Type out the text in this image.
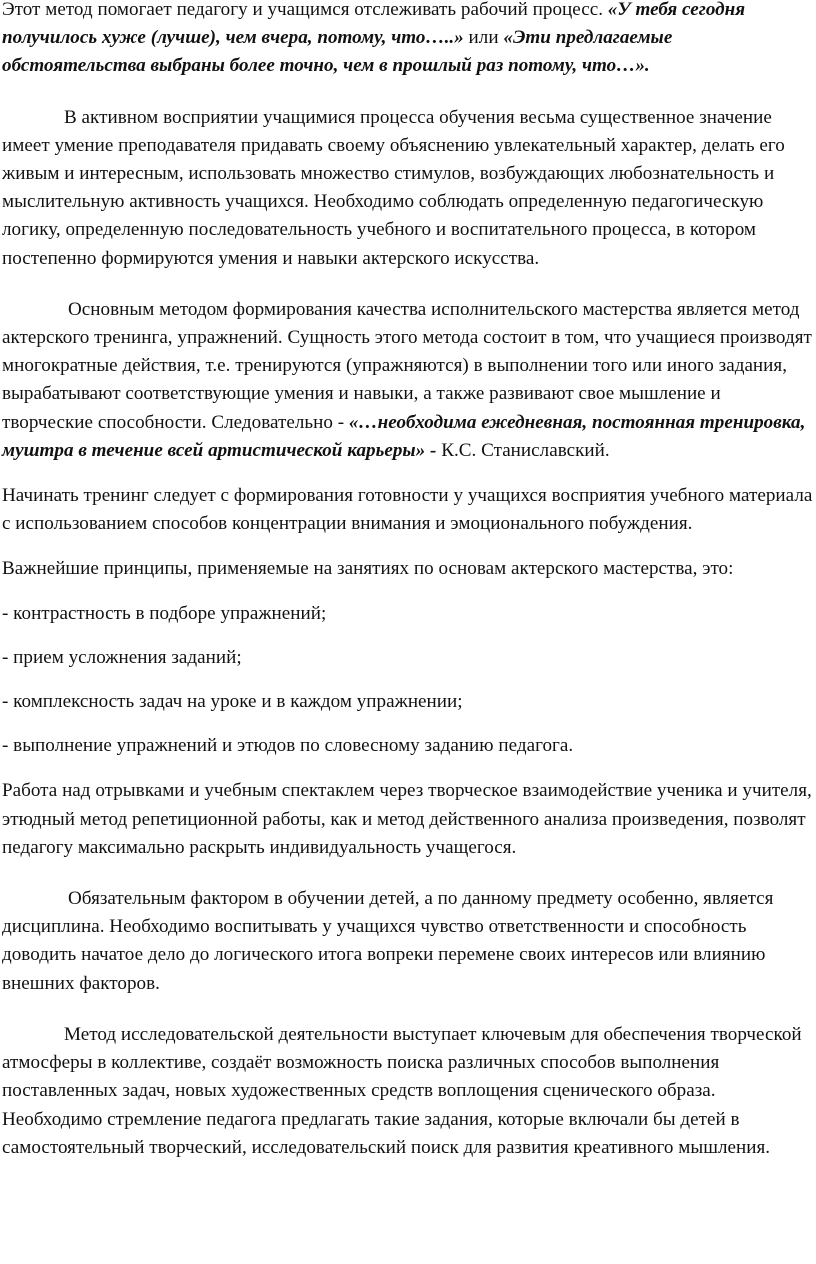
Этот метод помогает педагогу и учащимся отслеживать рабочий процесс. «У тебя сегодня получилось хуже (лучше), чем вчера, потому, что…..» или «Эти предлагаемые обстоятельства выбраны более точно, чем в прошлый раз потому, что…».

В активном восприятии учащимися процесса обучения весьма существенное значение имеет умение преподавателя придавать своему объяснению увлекательный характер, делать его живым и интересным, использовать множество стимулов, возбуждающих любознательность и мыслительную активность учащихся. Необходимо соблюдать определенную педагогическую логику, определенную последовательность учебного и воспитательного процесса, в котором постепенно формируются умения и навыки актерского искусства.

Основным методом формирования качества исполнительского мастерства является метод актерского тренинга, упражнений. Сущность этого метода состоит в том, что учащиеся производят многократные действия, т.е. тренируются (упражняются) в выполнении того или иного задания, вырабатывают соответствующие умения и навыки, а также развивают свое мышление и творческие способности. Следовательно - «…необходима ежедневная, постоянная тренировка, муштра в течение всей артистической карьеры» - К.С. Станиславский.

Начинать тренинг следует с формирования готовности у учащихся восприятия учебного материала с использованием способов концентрации внимания и эмоционального побуждения.

Важнейшие принципы, применяемые на занятиях по основам актерского мастерства, это:

- контрастность в подборе упражнений;

- прием усложнения заданий;

- комплексность задач на уроке и в каждом упражнении;

- выполнение упражнений и этюдов по словесному заданию педагога.

Работа над отрывками и учебным спектаклем через творческое взаимодействие ученика и учителя, этюдный метод репетиционной работы, как и метод действенного анализа произведения, позволят педагогу максимально раскрыть индивидуальность учащегося.

Обязательным фактором в обучении детей, а по данному предмету особенно, является дисциплина. Необходимо воспитывать у учащихся чувство ответственности и способность доводить начатое дело до логического итога вопреки перемене своих интересов или влиянию внешних факторов.

Метод исследовательской деятельности выступает ключевым для обеспечения творческой атмосферы в коллективе, создаёт возможность поиска различных способов выполнения поставленных задач, новых художественных средств воплощения сценического образа. Необходимо стремление педагога предлагать такие задания, которые включали бы детей в самостоятельный творческий, исследовательский поиск для развития креативного мышления.
